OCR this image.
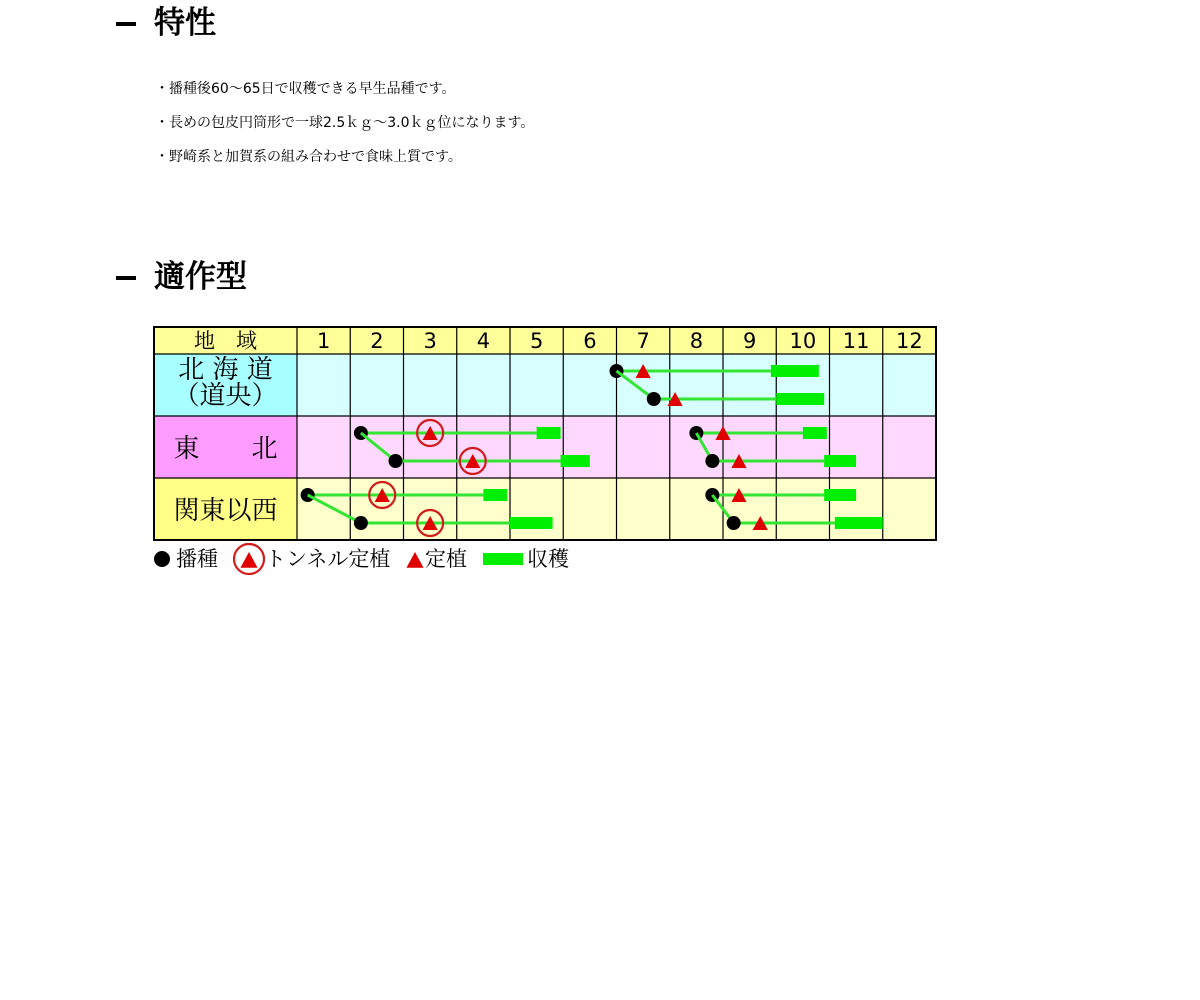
特性
・播種後60～65日で収穫できる早生品種です。
・長めの包皮円筒形で一球2.5ｋｇ～3.0ｋｇ位になります。
・野崎系と加賀系の組み合わせで食味上質です。
適作型
地　域	1 2 3 4 5 6 7 8 9 10 11 12
北 海 道
（道央）
東　　北
関東以西
播種 トンネル定植 定植	収穫
